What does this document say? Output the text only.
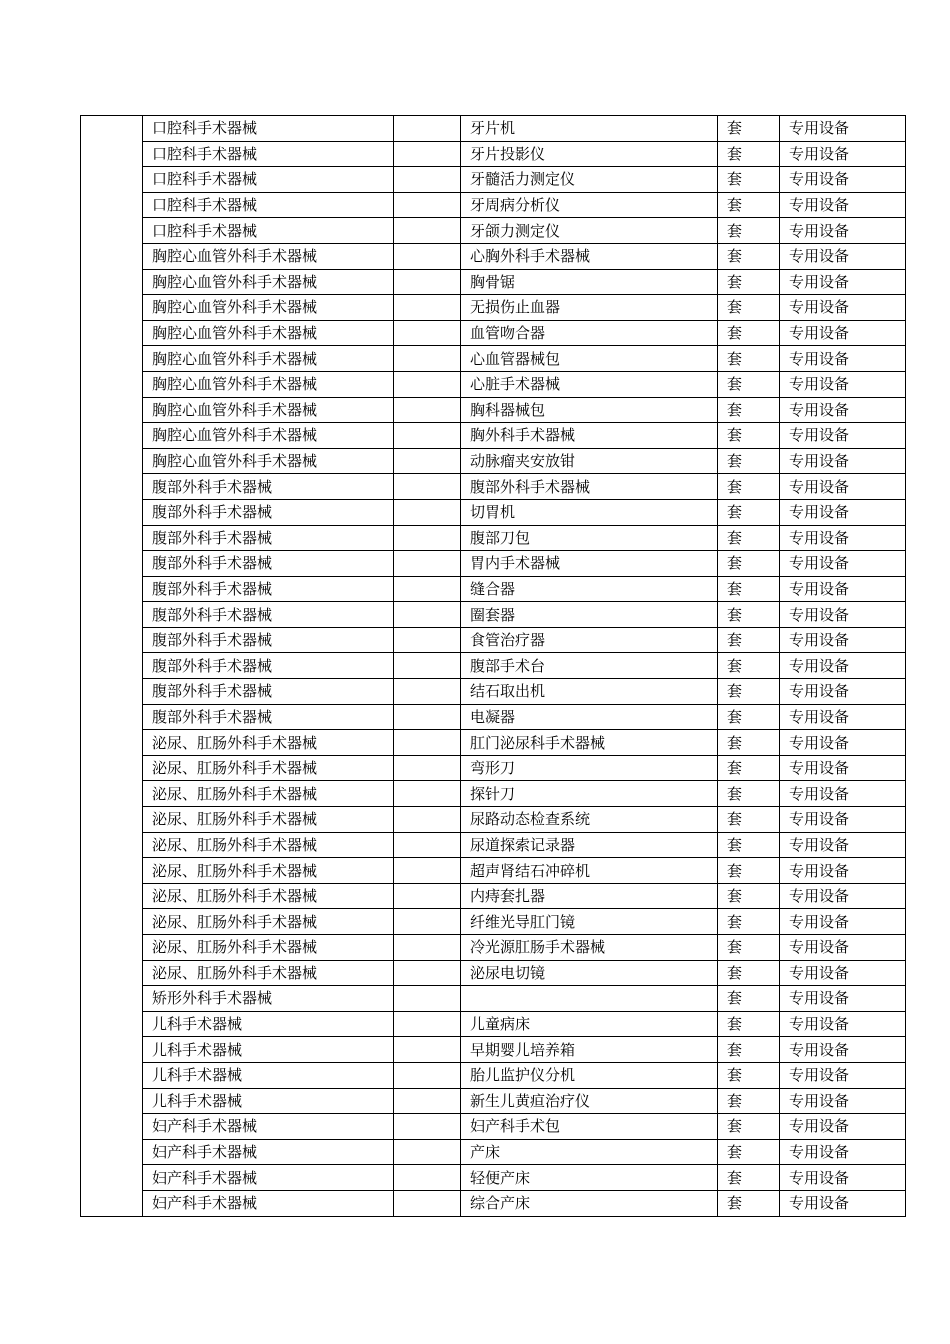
	口腔科手术器械		牙片机	套	专用设备
	口腔科手术器械		牙片投影仪	套	专用设备
	口腔科手术器械		牙髓活力测定仪	套	专用设备
	口腔科手术器械		牙周病分析仪	套	专用设备
	口腔科手术器械		牙颌力测定仪	套	专用设备
	胸腔心血管外科手术器械		心胸外科手术器械	套	专用设备
	胸腔心血管外科手术器械		胸骨锯	套	专用设备
	胸腔心血管外科手术器械		无损伤止血器	套	专用设备
	胸腔心血管外科手术器械		血管吻合器	套	专用设备
	胸腔心血管外科手术器械		心血管器械包	套	专用设备
	胸腔心血管外科手术器械		心脏手术器械	套	专用设备
	胸腔心血管外科手术器械		胸科器械包	套	专用设备
	胸腔心血管外科手术器械		胸外科手术器械	套	专用设备
	胸腔心血管外科手术器械		动脉瘤夹安放钳	套	专用设备
	腹部外科手术器械		腹部外科手术器械	套	专用设备
	腹部外科手术器械		切胃机	套	专用设备
	腹部外科手术器械		腹部刀包	套	专用设备
	腹部外科手术器械		胃内手术器械	套	专用设备
	腹部外科手术器械		缝合器	套	专用设备
	腹部外科手术器械		圈套器	套	专用设备
	腹部外科手术器械		食管治疗器	套	专用设备
	腹部外科手术器械		腹部手术台	套	专用设备
	腹部外科手术器械		结石取出机	套	专用设备
	腹部外科手术器械		电凝器	套	专用设备
	泌尿、肛肠外科手术器械		肛门泌尿科手术器械	套	专用设备
	泌尿、肛肠外科手术器械		弯形刀	套	专用设备
	泌尿、肛肠外科手术器械		探针刀	套	专用设备
	泌尿、肛肠外科手术器械		尿路动态检查系统	套	专用设备
	泌尿、肛肠外科手术器械		尿道探索记录器	套	专用设备
	泌尿、肛肠外科手术器械		超声肾结石冲碎机	套	专用设备
	泌尿、肛肠外科手术器械		内痔套扎器	套	专用设备
	泌尿、肛肠外科手术器械		纤维光导肛门镜	套	专用设备
	泌尿、肛肠外科手术器械		冷光源肛肠手术器械	套	专用设备
	泌尿、肛肠外科手术器械		泌尿电切镜	套	专用设备
	矫形外科手术器械			套	专用设备
	儿科手术器械		儿童病床	套	专用设备
	儿科手术器械		早期婴儿培养箱	套	专用设备
	儿科手术器械		胎儿监护仪分机	套	专用设备
	儿科手术器械		新生儿黄疸治疗仪	套	专用设备
	妇产科手术器械		妇产科手术包	套	专用设备
	妇产科手术器械		产床	套	专用设备
	妇产科手术器械		轻便产床	套	专用设备
	妇产科手术器械		综合产床	套	专用设备
